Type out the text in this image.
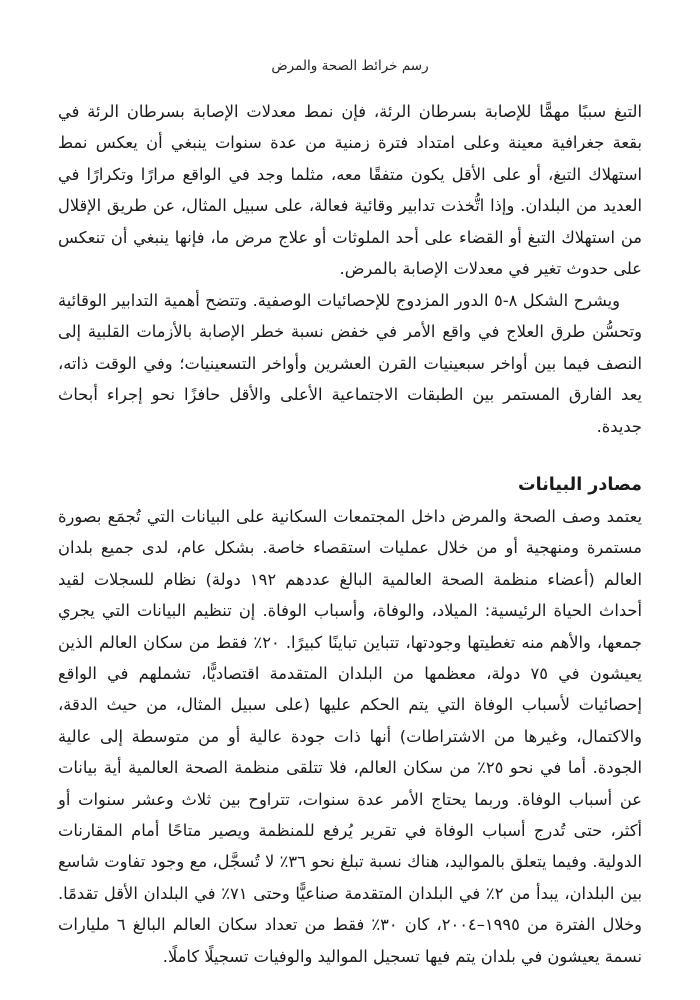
رسم خرائط الصحة والمرض

التبغ سببًا مهمًّا للإصابة بسرطان الرئة، فإن نمط معدلات الإصابة بسرطان الرئة في بقعة جغرافية معينة وعلى امتداد فترة زمنية من عدة سنوات ينبغي أن يعكس نمط استهلاك التبغ، أو على الأقل يكون متفقًا معه، مثلما وجد في الواقع مرارًا وتكرارًا في العديد من البلدان. وإذا اتُّخذت تدابير وقائية فعالة، على سبيل المثال، عن طريق الإقلال من استهلاك التبغ أو القضاء على أحد الملوثات أو علاج مرض ما، فإنها ينبغي أن تنعكس على حدوث تغير في معدلات الإصابة بالمرض.

ويشرح الشكل ٨-٥ الدور المزدوج للإحصائيات الوصفية. وتتضح أهمية التدابير الوقائية وتحسُّن طرق العلاج في واقع الأمر في خفض نسبة خطر الإصابة بالأزمات القلبية إلى النصف فيما بين أواخر سبعينيات القرن العشرين وأواخر التسعينيات؛ وفي الوقت ذاته، يعد الفارق المستمر بين الطبقات الاجتماعية الأعلى والأقل حافزًا نحو إجراء أبحاث جديدة.

مصادر البيانات

يعتمد وصف الصحة والمرض داخل المجتمعات السكانية على البيانات التي تُجمَع بصورة مستمرة ومنهجية أو من خلال عمليات استقصاء خاصة. بشكل عام، لدى جميع بلدان العالم (أعضاء منظمة الصحة العالمية البالغ عددهم ١٩٢ دولة) نظام للسجلات لقيد أحداث الحياة الرئيسية: الميلاد، والوفاة، وأسباب الوفاة. إن تنظيم البيانات التي يجري جمعها، والأهم منه تغطيتها وجودتها، تتباين تباينًا كبيرًا. ٢٠٪ فقط من سكان العالم الذين يعيشون في ٧٥ دولة، معظمها من البلدان المتقدمة اقتصاديًّا، تشملهم في الواقع إحصائيات لأسباب الوفاة التي يتم الحكم عليها (على سبيل المثال، من حيث الدقة، والاكتمال، وغيرها من الاشتراطات) أنها ذات جودة عالية أو من متوسطة إلى عالية الجودة. أما في نحو ٢٥٪ من سكان العالم، فلا تتلقى منظمة الصحة العالمية أية بيانات عن أسباب الوفاة. وربما يحتاج الأمر عدة سنوات، تتراوح بين ثلاث وعشر سنوات أو أكثر، حتى تُدرج أسباب الوفاة في تقرير يُرفع للمنظمة ويصير متاحًا أمام المقارنات الدولية. وفيما يتعلق بالمواليد، هناك نسبة تبلغ نحو ٣٦٪ لا تُسجَّل، مع وجود تفاوت شاسع بين البلدان، يبدأ من ٢٪ في البلدان المتقدمة صناعيًّا وحتى ٧١٪ في البلدان الأقل تقدمًا. وخلال الفترة من ١٩٩٥–٢٠٠٤، كان ٣٠٪ فقط من تعداد سكان العالم البالغ ٦ مليارات نسمة يعيشون في بلدان يتم فيها تسجيل المواليد والوفيات تسجيلًا كاملًا.
